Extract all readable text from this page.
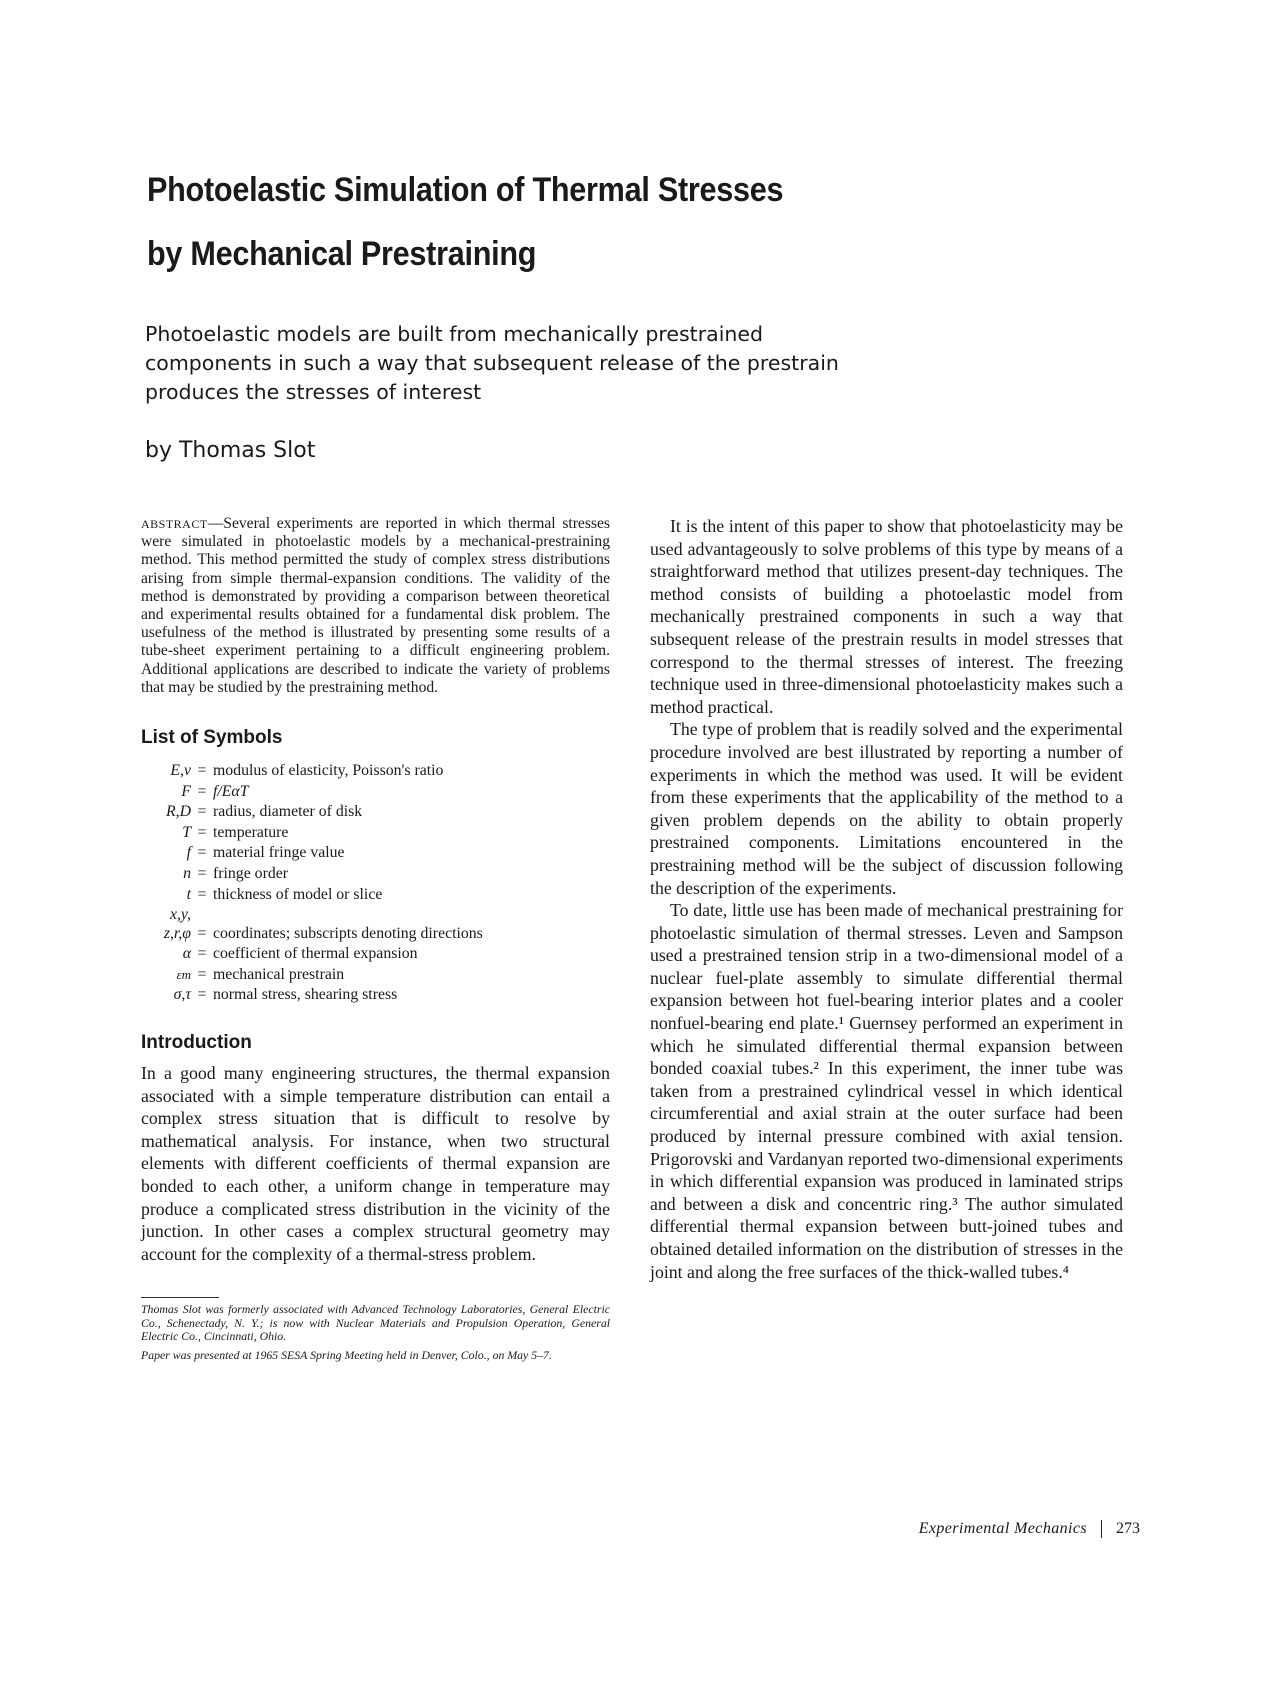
Photoelastic Simulation of Thermal Stresses
by Mechanical Prestraining

Photoelastic models are built from mechanically prestrained components in such a way that subsequent release of the prestrain produces the stresses of interest

by Thomas Slot

ABSTRACT—Several experiments are reported in which thermal stresses were simulated in photoelastic models by a mechanical-prestraining method. This method permitted the study of complex stress distributions arising from simple thermal-expansion conditions. The validity of the method is demonstrated by providing a comparison between theoretical and experimental results obtained for a fundamental disk problem. The usefulness of the method is illustrated by presenting some results of a tube-sheet experiment pertaining to a difficult engineering problem. Additional applications are described to indicate the variety of problems that may be studied by the prestraining method.

List of Symbols
E,ν = modulus of elasticity, Poisson's ratio
F = f/EαT
R,D = radius, diameter of disk
T = temperature
f = material fringe value
n = fringe order
t = thickness of model or slice
x,y,
z,r,φ = coordinates; subscripts denoting directions
α = coefficient of thermal expansion
εm = mechanical prestrain
σ,τ = normal stress, shearing stress
Introduction

In a good many engineering structures, the thermal expansion associated with a simple temperature distribution can entail a complex stress situation that is difficult to resolve by mathematical analysis. For instance, when two structural elements with different coefficients of thermal expansion are bonded to each other, a uniform change in temperature may produce a complicated stress distribution in the vicinity of the junction. In other cases a complex structural geometry may account for the complexity of a thermal-stress problem.

Thomas Slot was formerly associated with Advanced Technology Laboratories, General Electric Co., Schenectady, N. Y.; is now with Nuclear Materials and Propulsion Operation, General Electric Co., Cincinnati, Ohio.

Paper was presented at 1965 SESA Spring Meeting held in Denver, Colo., on May 5–7.

It is the intent of this paper to show that photoelasticity may be used advantageously to solve problems of this type by means of a straightforward method that utilizes present-day techniques. The method consists of building a photoelastic model from mechanically prestrained components in such a way that subsequent release of the prestrain results in model stresses that correspond to the thermal stresses of interest. The freezing technique used in three-dimensional photoelasticity makes such a method practical.

The type of problem that is readily solved and the experimental procedure involved are best illustrated by reporting a number of experiments in which the method was used. It will be evident from these experiments that the applicability of the method to a given problem depends on the ability to obtain properly prestrained components. Limitations encountered in the prestraining method will be the subject of discussion following the description of the experiments.

To date, little use has been made of mechanical prestraining for photoelastic simulation of thermal stresses. Leven and Sampson used a prestrained tension strip in a two-dimensional model of a nuclear fuel-plate assembly to simulate differential thermal expansion between hot fuel-bearing interior plates and a cooler nonfuel-bearing end plate.¹ Guernsey performed an experiment in which he simulated differential thermal expansion between bonded coaxial tubes.² In this experiment, the inner tube was taken from a prestrained cylindrical vessel in which identical circumferential and axial strain at the outer surface had been produced by internal pressure combined with axial tension. Prigorovski and Vardanyan reported two-dimensional experiments in which differential expansion was produced in laminated strips and between a disk and concentric ring.³ The author simulated differential thermal expansion between butt-joined tubes and obtained detailed information on the distribution of stresses in the joint and along the free surfaces of the thick-walled tubes.⁴

Experimental Mechanics 273
